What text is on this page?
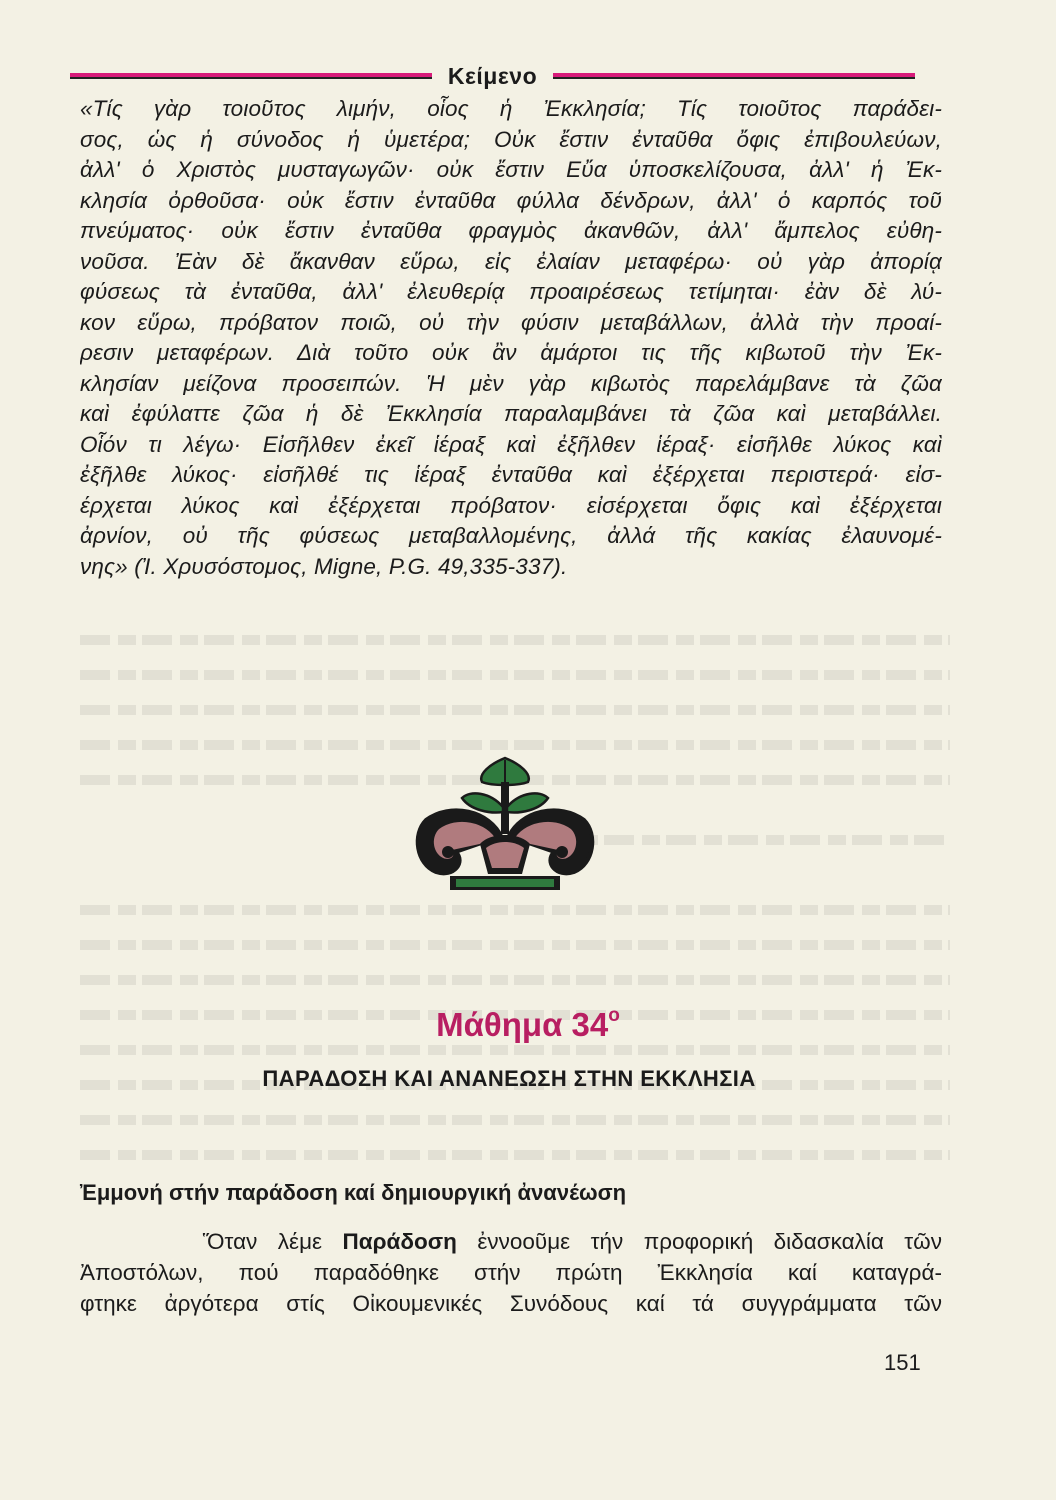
Κείμενο
«Τίς γὰρ τοιοῦτος λιμήν, οἷος ἡ Ἐκκλησία; Τίς τοιοῦτος παράδει-
σος, ὡς ἡ σύνοδος ἡ ὑμετέρα; Οὐκ ἔστιν ἐνταῦθα ὄφις ἐπιβουλεύων,
ἀλλ' ὁ Χριστὸς μυσταγωγῶν· οὐκ ἔστιν Εὔα ὑποσκελίζουσα, ἀλλ' ἡ Ἐκ-
κλησία ὀρθοῦσα· οὐκ ἔστιν ἐνταῦθα φύλλα δένδρων, ἀλλ' ὁ καρπός τοῦ
πνεύματος· οὐκ ἔστιν ἐνταῦθα φραγμὸς ἀκανθῶν, ἀλλ' ἄμπελος εὐθη-
νοῦσα. Ἐὰν δὲ ἄκανθαν εὕρω, εἰς ἐλαίαν μεταφέρω· οὐ γὰρ ἀπορίᾳ
φύσεως τὰ ἐνταῦθα, ἀλλ' ἐλευθερίᾳ προαιρέσεως τετίμηται· ἐὰν δὲ λύ-
κον εὕρω, πρόβατον ποιῶ, οὐ τὴν φύσιν μεταβάλλων, ἀλλὰ τὴν προαί-
ρεσιν μεταφέρων. Διὰ τοῦτο οὐκ ἂν ἁμάρτοι τις τῆς κιβωτοῦ τὴν Ἐκ-
κλησίαν μείζονα προσειπών. Ἡ μὲν γὰρ κιβωτὸς παρελάμβανε τὰ ζῶα
καὶ ἐφύλαττε ζῶα ἡ δὲ Ἐκκλησία παραλαμβάνει τὰ ζῶα καὶ μεταβάλλει.
Οἷόν τι λέγω· Εἰσῆλθεν ἐκεῖ ἱέραξ καὶ ἐξῆλθεν ἱέραξ· εἰσῆλθε λύκος καὶ
ἐξῆλθε λύκος· εἰσῆλθέ τις ἱέραξ ἐνταῦθα καὶ ἐξέρχεται περιστερά· εἰσ-
έρχεται λύκος καὶ ἐξέρχεται πρόβατον· εἰσέρχεται ὄφις καὶ ἐξέρχεται
ἀρνίον, οὐ τῆς φύσεως μεταβαλλομένης, ἀλλά τῆς κακίας ἐλαυνομέ-
νης» (Ἰ. Χρυσόστομος, Migne, P.G. 49,335-337).
Μάθημα $34^o$
ΠΑΡΑΔΟΣΗ ΚΑΙ ΑΝΑΝΕΩΣΗ ΣΤΗΝ ΕΚΚΛΗΣΙΑ
Ἐμμονή στήν παράδοση καί δημιουργική ἀνανέωση
Ὅταν λέμε Παράδοση ἐννοοῦμε τήν προφορική διδασκαλία τῶν
Ἀποστόλων, πού παραδόθηκε στήν πρώτη Ἐκκλησία καί καταγρά-
φτηκε ἀργότερα στίς Οἰκουμενικές Συνόδους καί τά συγγράμματα τῶν
151
